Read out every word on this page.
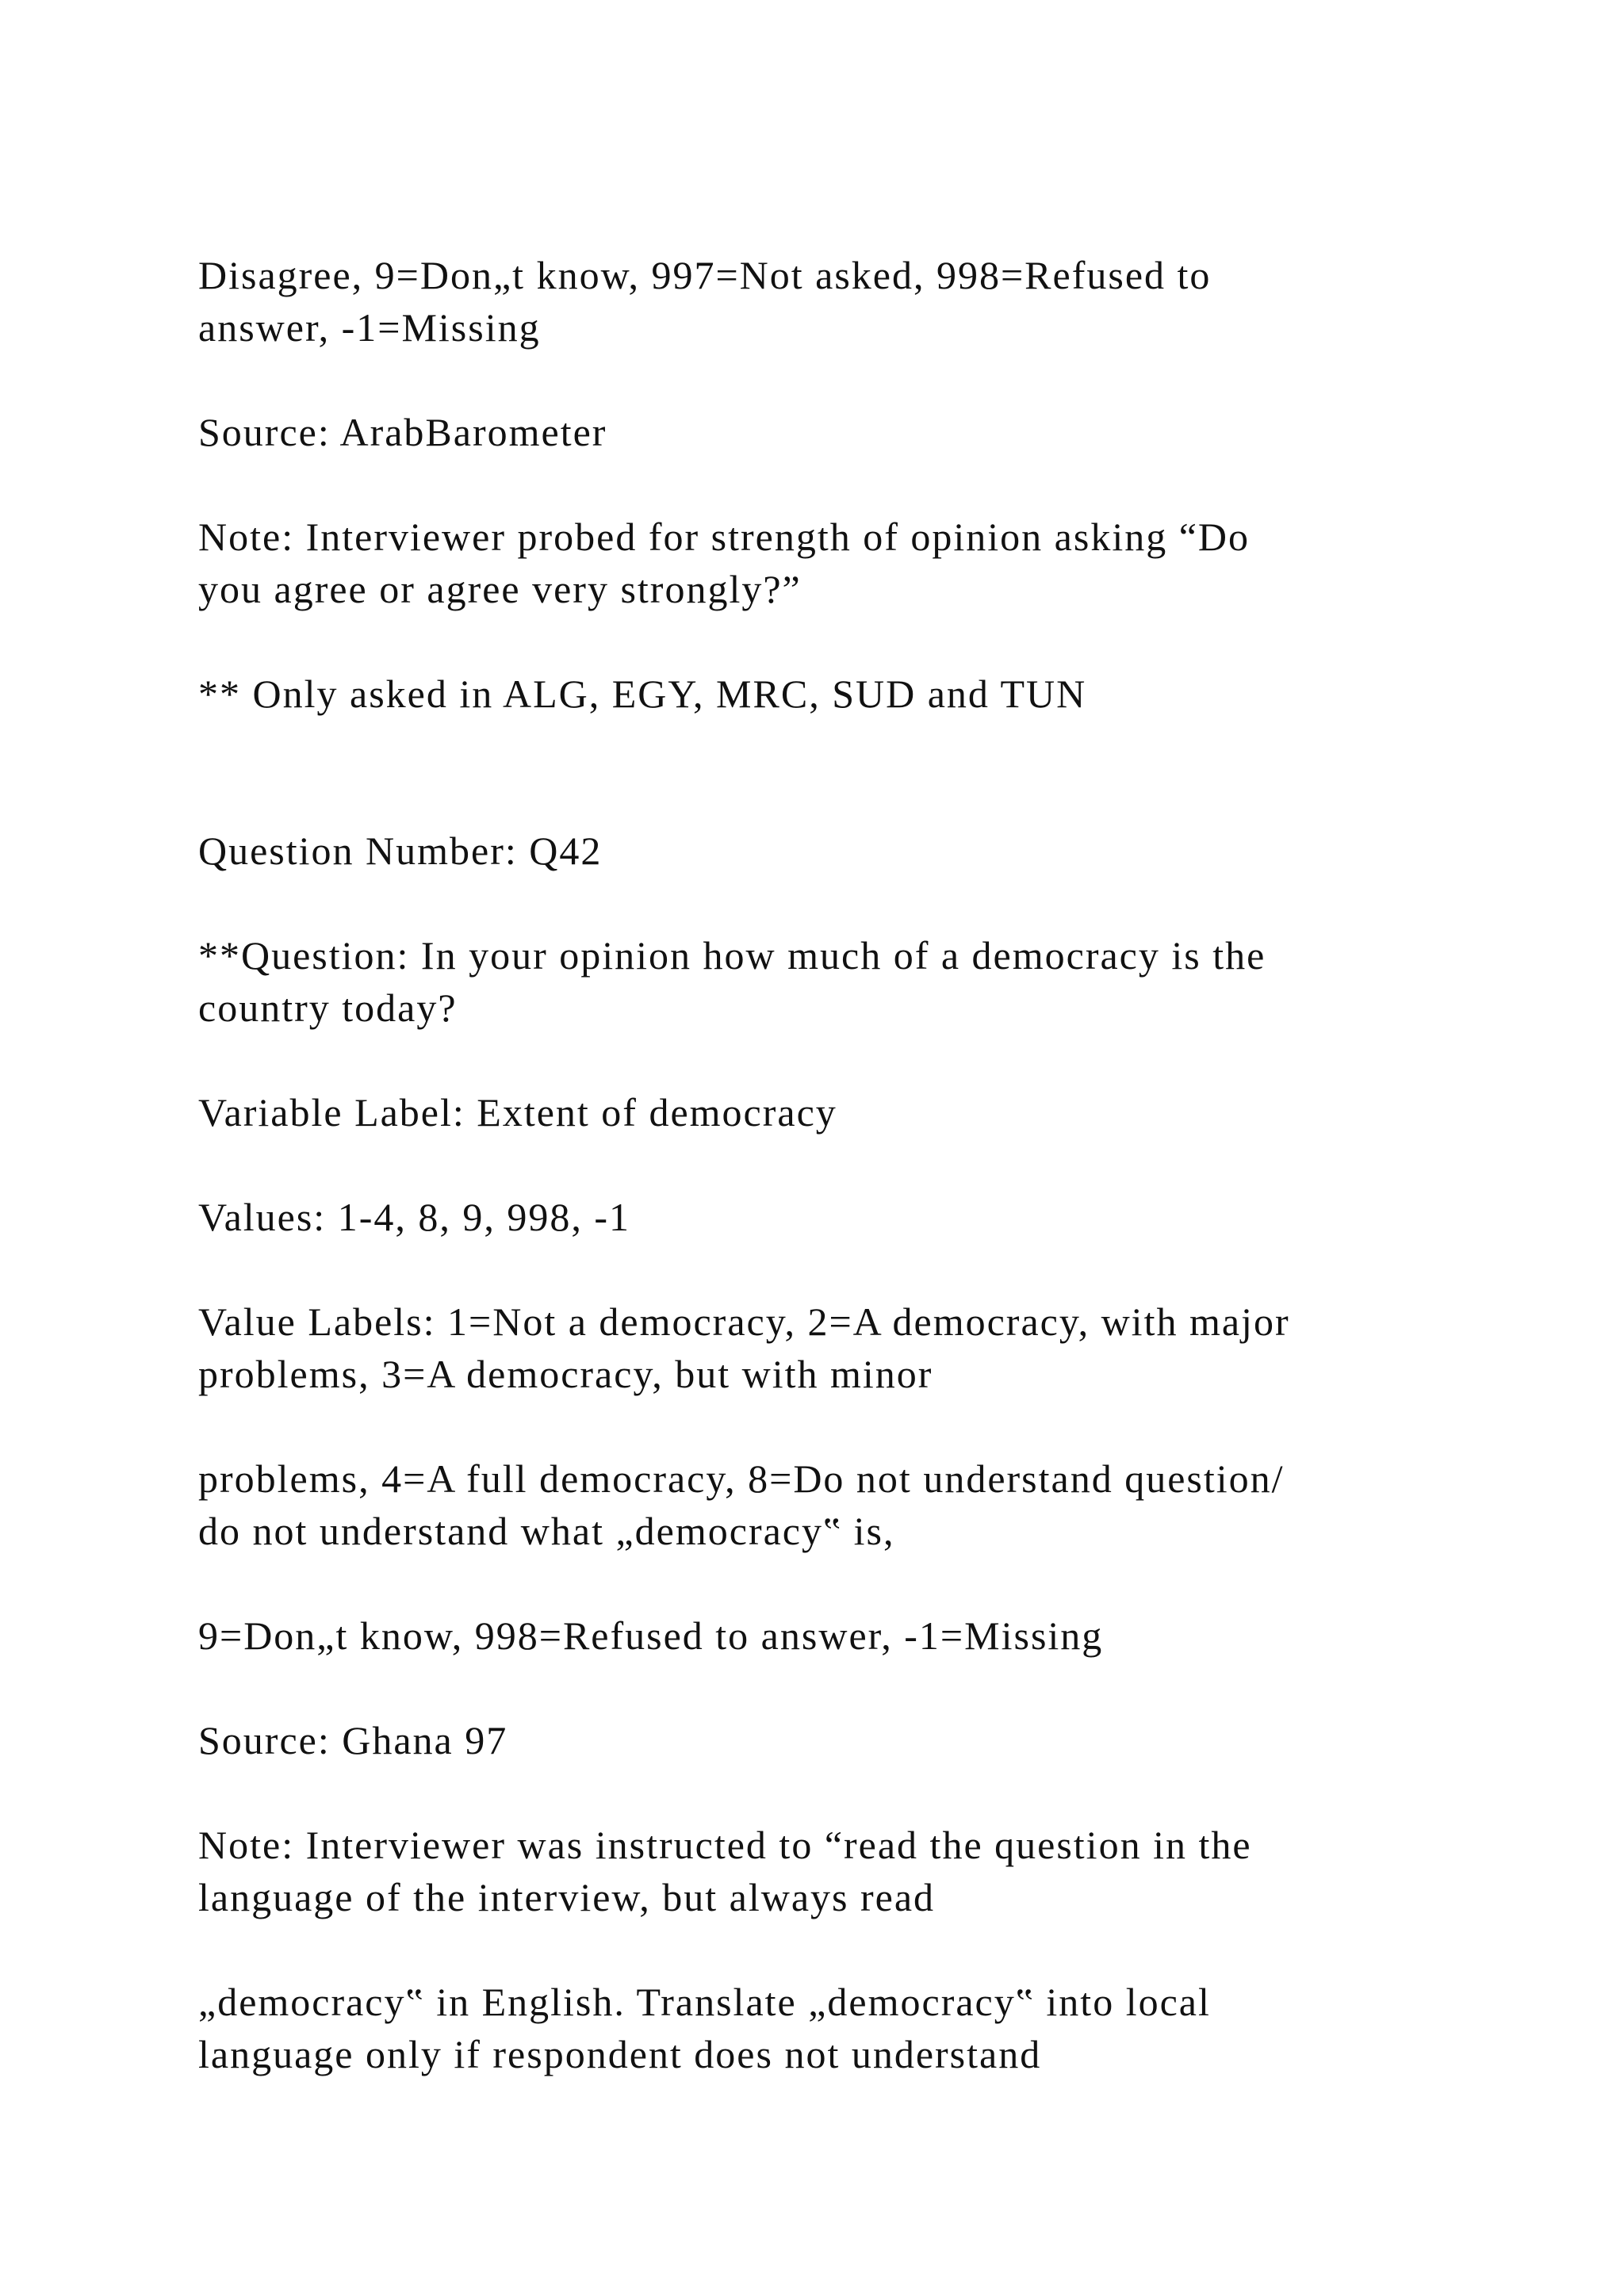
Disagree, 9=Don„t know, 997=Not asked, 998=Refused to

answer, -1=Missing

Source: ArabBarometer

Note: Interviewer probed for strength of opinion asking “Do

you agree or agree very strongly?”

** Only asked in ALG, EGY, MRC, SUD and TUN

Question Number: Q42

**Question: In your opinion how much of a democracy is the

country today?

Variable Label: Extent of democracy

Values: 1-4, 8, 9, 998, -1

Value Labels: 1=Not a democracy, 2=A democracy, with major

problems, 3=A democracy, but with minor

problems, 4=A full democracy, 8=Do not understand question/

do not understand what „democracy‟ is,

9=Don„t know, 998=Refused to answer, -1=Missing

Source: Ghana 97

Note: Interviewer was instructed to “read the question in the

language of the interview, but always read

„democracy‟ in English. Translate „democracy‟ into local

language only if respondent does not understand
